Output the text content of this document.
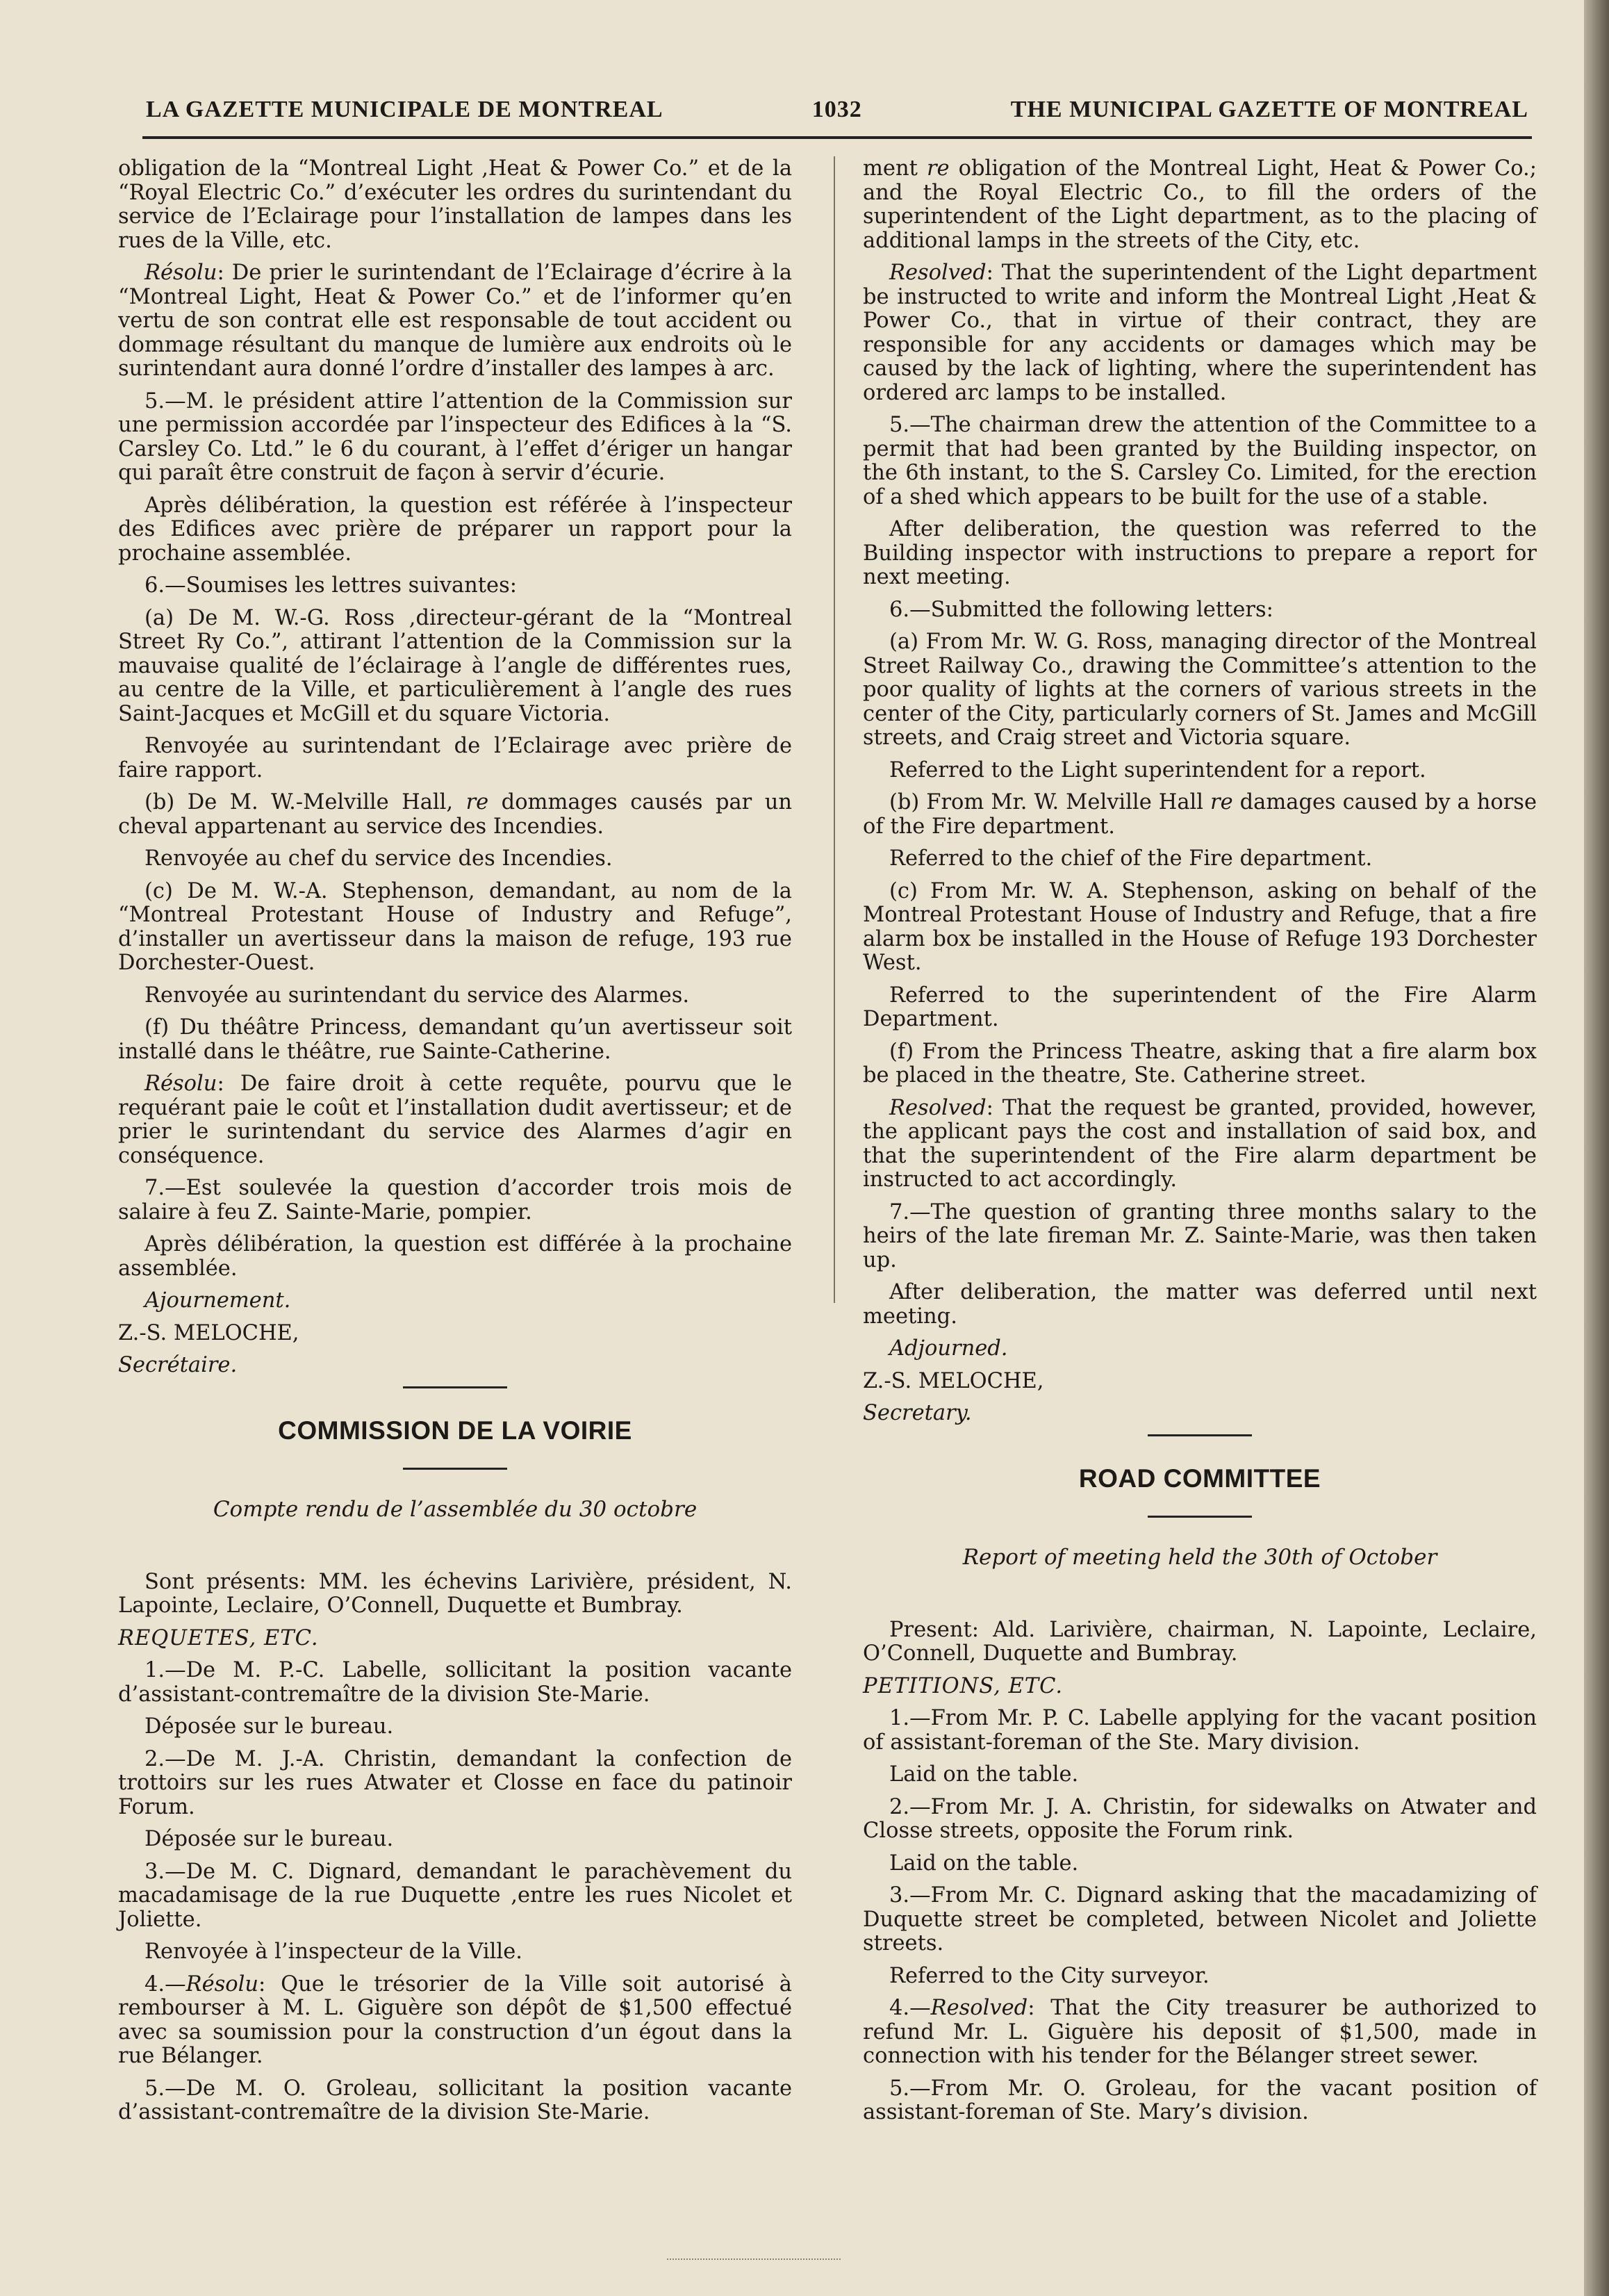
LA GAZETTE MUNICIPALE DE MONTREAL	1032	THE MUNICIPAL GAZETTE OF MONTREAL

obligation de la “Montreal Light ,Heat & Power Co.” et de la “Royal Electric Co.” d’exécuter les ordres du surintendant du service de l’Eclairage pour l’installation de lampes dans les rues de la Ville, etc.

Résolu: De prier le surintendant de l’Eclairage d’écrire à la “Montreal Light, Heat & Power Co.” et de l’informer qu’en vertu de son contrat elle est responsable de tout accident ou dommage résultant du manque de lumière aux endroits où le surintendant aura donné l’ordre d’installer des lampes à arc.

5.—M. le président attire l’attention de la Commission sur une permission accordée par l’inspecteur des Edifices à la “S. Carsley Co. Ltd.” le 6 du courant, à l’effet d’ériger un hangar qui paraît être construit de façon à servir d’écurie.

Après délibération, la question est référée à l’inspecteur des Edifices avec prière de préparer un rapport pour la prochaine assemblée.

6.—Soumises les lettres suivantes:

(a) De M. W.-G. Ross ,directeur-gérant de la “Montreal Street Ry Co.”, attirant l’attention de la Commission sur la mauvaise qualité de l’éclairage à l’angle de différentes rues, au centre de la Ville, et particulièrement à l’angle des rues Saint-Jacques et McGill et du square Victoria.

Renvoyée au surintendant de l’Eclairage avec prière de faire rapport.

(b) De M. W.-Melville Hall, re dommages causés par un cheval appartenant au service des Incendies.

Renvoyée au chef du service des Incendies.

(c) De M. W.-A. Stephenson, demandant, au nom de la “Montreal Protestant House of Industry and Refuge”, d’installer un avertisseur dans la maison de refuge, 193 rue Dorchester-Ouest.

Renvoyée au surintendant du service des Alarmes.

(f) Du théâtre Princess, demandant qu’un avertisseur soit installé dans le théâtre, rue Sainte-Catherine.

Résolu: De faire droit à cette requête, pourvu que le requérant paie le coût et l’installation dudit avertisseur; et de prier le surintendant du service des Alarmes d’agir en conséquence.

7.—Est soulevée la question d’accorder trois mois de salaire à feu Z. Sainte-Marie, pompier.

Après délibération, la question est différée à la prochaine assemblée.

Ajournement.

Z.-S. MELOCHE,

Secrétaire.

COMMISSION DE LA VOIRIE
Compte rendu de l’assemblée du 30 octobre

Sont présents: MM. les échevins Larivière, président, N. Lapointe, Leclaire, O’Connell, Duquette et Bumbray.

REQUETES, ETC.

1.—De M. P.-C. Labelle, sollicitant la position vacante d’assistant-contremaître de la division Ste-Marie.

Déposée sur le bureau.

2.—De M. J.-A. Christin, demandant la confection de trottoirs sur les rues Atwater et Closse en face du patinoir Forum.

Déposée sur le bureau.

3.—De M. C. Dignard, demandant le parachèvement du macadamisage de la rue Duquette ,entre les rues Nicolet et Joliette.

Renvoyée à l’inspecteur de la Ville.

4.—Résolu: Que le trésorier de la Ville soit autorisé à rembourser à M. L. Giguère son dépôt de $1,500 effectué avec sa soumission pour la construction d’un égout dans la rue Bélanger.

5.—De M. O. Groleau, sollicitant la position vacante d’assistant-contremaître de la division Ste-Marie.

ment re obligation of the Montreal Light, Heat & Power Co.; and the Royal Electric Co., to fill the orders of the superintendent of the Light department, as to the placing of additional lamps in the streets of the City, etc.

Resolved: That the superintendent of the Light department be instructed to write and inform the Montreal Light ,Heat & Power Co., that in virtue of their contract, they are responsible for any accidents or damages which may be caused by the lack of lighting, where the superintendent has ordered arc lamps to be installed.

5.—The chairman drew the attention of the Committee to a permit that had been granted by the Building inspector, on the 6th instant, to the S. Carsley Co. Limited, for the erection of a shed which appears to be built for the use of a stable.

After deliberation, the question was referred to the Building inspector with instructions to prepare a report for next meeting.

6.—Submitted the following letters:

(a) From Mr. W. G. Ross, managing director of the Montreal Street Railway Co., drawing the Committee’s attention to the poor quality of lights at the corners of various streets in the center of the City, particularly corners of St. James and McGill streets, and Craig street and Victoria square.

Referred to the Light superintendent for a report.

(b) From Mr. W. Melville Hall re damages caused by a horse of the Fire department.

Referred to the chief of the Fire department.

(c) From Mr. W. A. Stephenson, asking on behalf of the Montreal Protestant House of Industry and Refuge, that a fire alarm box be installed in the House of Refuge 193 Dorchester West.

Referred to the superintendent of the Fire Alarm Department.

(f) From the Princess Theatre, asking that a fire alarm box be placed in the theatre, Ste. Catherine street.

Resolved: That the request be granted, provided, however, the applicant pays the cost and installation of said box, and that the superintendent of the Fire alarm department be instructed to act accordingly.

7.—The question of granting three months salary to the heirs of the late fireman Mr. Z. Sainte-Marie, was then taken up.

After deliberation, the matter was deferred until next meeting.

Adjourned.

Z.-S. MELOCHE,

Secretary.

ROAD COMMITTEE
Report of meeting held the 30th of October

Present: Ald. Larivière, chairman, N. Lapointe, Leclaire, O’Connell, Duquette and Bumbray.

PETITIONS, ETC.

1.—From Mr. P. C. Labelle applying for the vacant position of assistant-foreman of the Ste. Mary division.

Laid on the table.

2.—From Mr. J. A. Christin, for sidewalks on Atwater and Closse streets, opposite the Forum rink.

Laid on the table.

3.—From Mr. C. Dignard asking that the macadamizing of Duquette street be completed, between Nicolet and Joliette streets.

Referred to the City surveyor.

4.—Resolved: That the City treasurer be authorized to refund Mr. L. Giguère his deposit of $1,500, made in connection with his tender for the Bélanger street sewer.

5.—From Mr. O. Groleau, for the vacant position of assistant-foreman of Ste. Mary’s division.
